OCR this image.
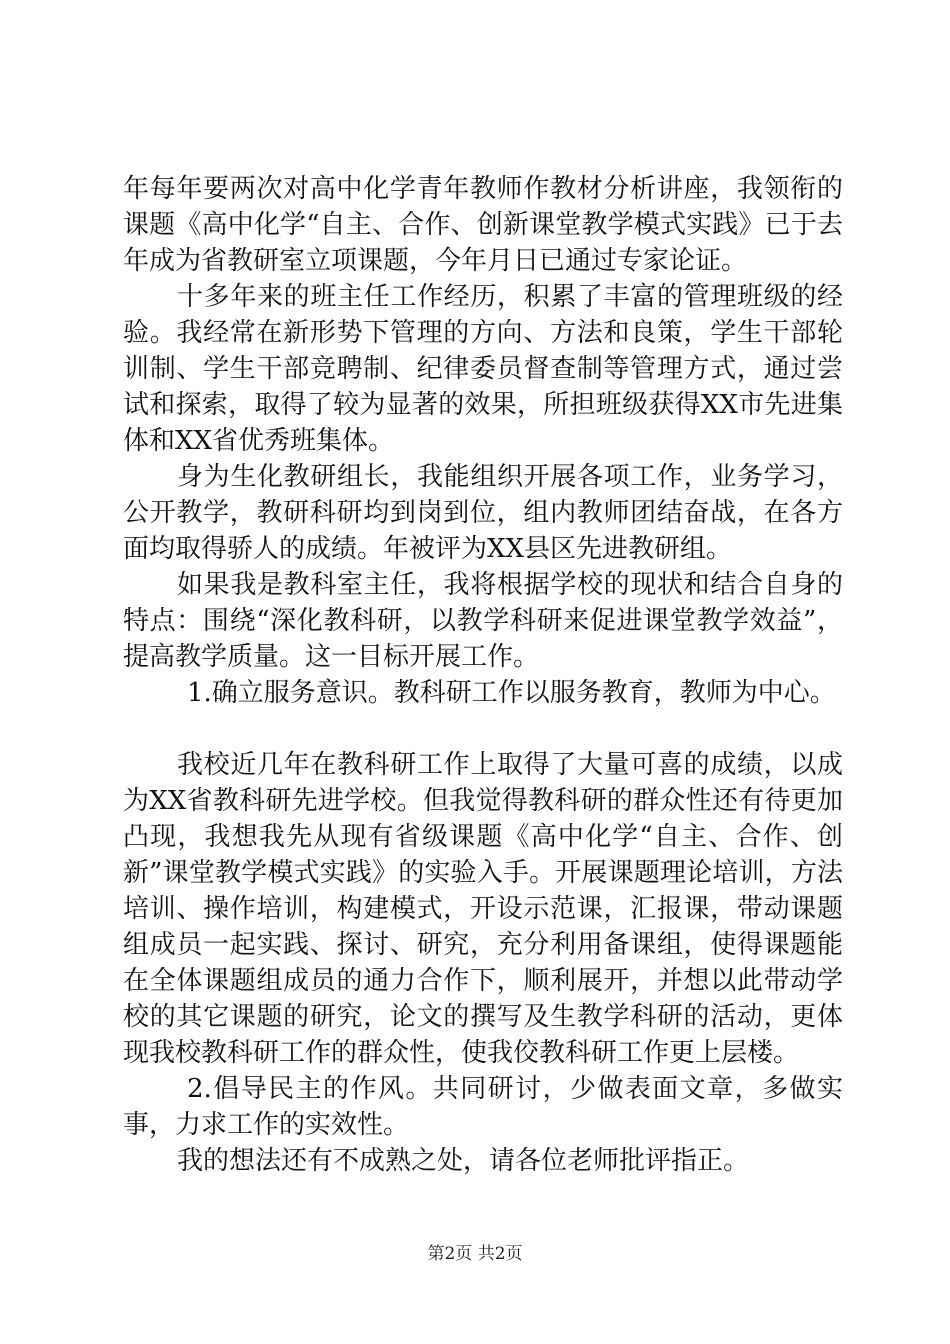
年每年要两次对高中化学青年教师作教材分析讲座，我领衔的课题《高中化学“自主、合作、创新课堂教学模式实践》已于去年成为省教研室立项课题，今年月日已通过专家论证。

十多年来的班主任工作经历，积累了丰富的管理班级的经验。我经常在新形势下管理的方向、方法和良策，学生干部轮训制、学生干部竞聘制、纪律委员督查制等管理方式，通过尝试和探索，取得了较为显著的效果，所担班级获得XX市先进集体和XX省优秀班集体。

身为生化教研组长，我能组织开展各项工作，业务学习，公开教学，教研科研均到岗到位，组内教师团结奋战，在各方面均取得骄人的成绩。年被评为XX县区先进教研组。

如果我是教科室主任，我将根据学校的现状和结合自身的特点：围绕“深化教科研，以教学科研来促进课堂教学效益”，提高教学质量。这一目标开展工作。

1.确立服务意识。教科研工作以服务教育，教师为中心。

我校近几年在教科研工作上取得了大量可喜的成绩，以成为XX省教科研先进学校。但我觉得教科研的群众性还有待更加凸现，我想我先从现有省级课题《高中化学“自主、合作、创新”课堂教学模式实践》的实验入手。开展课题理论培训，方法培训、操作培训，构建模式，开设示范课，汇报课，带动课题组成员一起实践、探讨、研究，充分利用备课组，使得课题能在全体课题组成员的通力合作下，顺利展开，并想以此带动学校的其它课题的研究，论文的撰写及生教学科研的活动，更体现我校教科研工作的群众性，使我佼教科研工作更上层楼。

2.倡导民主的作风。共同研讨，少做表面文章，多做实事，力求工作的实效性。

我的想法还有不成熟之处，请各位老师批评指正。

第2页 共2页
